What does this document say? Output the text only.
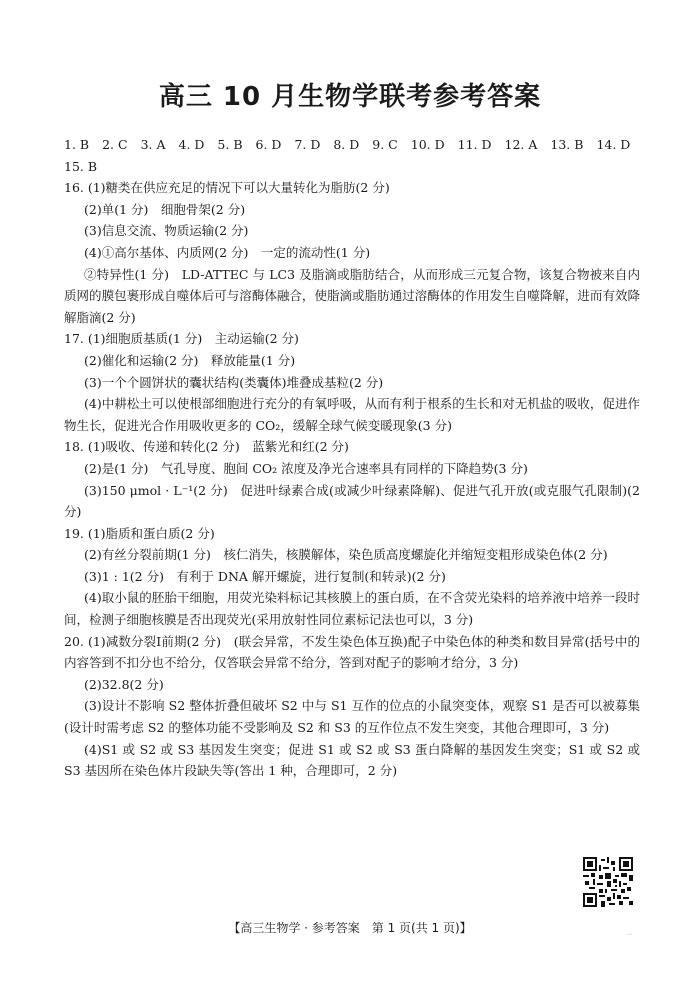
高三 10 月生物学联考参考答案
1. B 2. C 3. A 4. D 5. B 6. D 7. D 8. D 9. C 10. D 11. D 12. A 13. B 14. D
15. B
16. (1)糖类在供应充足的情况下可以大量转化为脂肪(2 分)
(2)单(1 分)　细胞骨架(2 分)
(3)信息交流、物质运输(2 分)
(4)①高尔基体、内质网(2 分)　一定的流动性(1 分)
②特异性(1 分)　LD-ATTEC 与 LC3 及脂滴或脂肪结合，从而形成三元复合物，该复合物被来自内质网的膜包裹形成自噬体后可与溶酶体融合，使脂滴或脂肪通过溶酶体的作用发生自噬降解，进而有效降解脂滴(2 分)
17. (1)细胞质基质(1 分)　主动运输(2 分)
(2)催化和运输(2 分)　释放能量(1 分)
(3)一个个圆饼状的囊状结构(类囊体)堆叠成基粒(2 分)
(4)中耕松土可以使根部细胞进行充分的有氧呼吸，从而有利于根系的生长和对无机盐的吸收，促进作物生长，促进光合作用吸收更多的 CO₂，缓解全球气候变暖现象(3 分)
18. (1)吸收、传递和转化(2 分)　蓝紫光和红(2 分)
(2)是(1 分)　气孔导度、胞间 CO₂ 浓度及净光合速率具有同样的下降趋势(3 分)
(3)150 μmol · L⁻¹(2 分)　促进叶绿素合成(或减少叶绿素降解)、促进气孔开放(或克服气孔限制)(2 分)
19. (1)脂质和蛋白质(2 分)
(2)有丝分裂前期(1 分)　核仁消失，核膜解体，染色质高度螺旋化并缩短变粗形成染色体(2 分)
(3)1 : 1(2 分)　有利于 DNA 解开螺旋，进行复制(和转录)(2 分)
(4)取小鼠的胚胎干细胞，用荧光染料标记其核膜上的蛋白质，在不含荧光染料的培养液中培养一段时间，检测子细胞核膜是否出现荧光(采用放射性同位素标记法也可以，3 分)
20. (1)减数分裂Ⅰ前期(2 分)　(联会异常，不发生染色体互换)配子中染色体的种类和数目异常(括号中的内容答到不扣分也不给分，仅答联会异常不给分，答到对配子的影响才给分，3 分)
(2)32.8(2 分)
(3)设计不影响 S2 整体折叠但破坏 S2 中与 S1 互作的位点的小鼠突变体，观察 S1 是否可以被募集(设计时需考虑 S2 的整体功能不受影响及 S2 和 S3 的互作位点不发生突变，其他合理即可，3 分)
(4)S1 或 S2 或 S3 基因发生突变；促进 S1 或 S2 或 S3 蛋白降解的基因发生突变；S1 或 S2 或 S3 基因所在染色体片段缺失等(答出 1 种，合理即可，2 分)
..
【高三生物学 · 参考答案　第 1 页(共 1 页)】
